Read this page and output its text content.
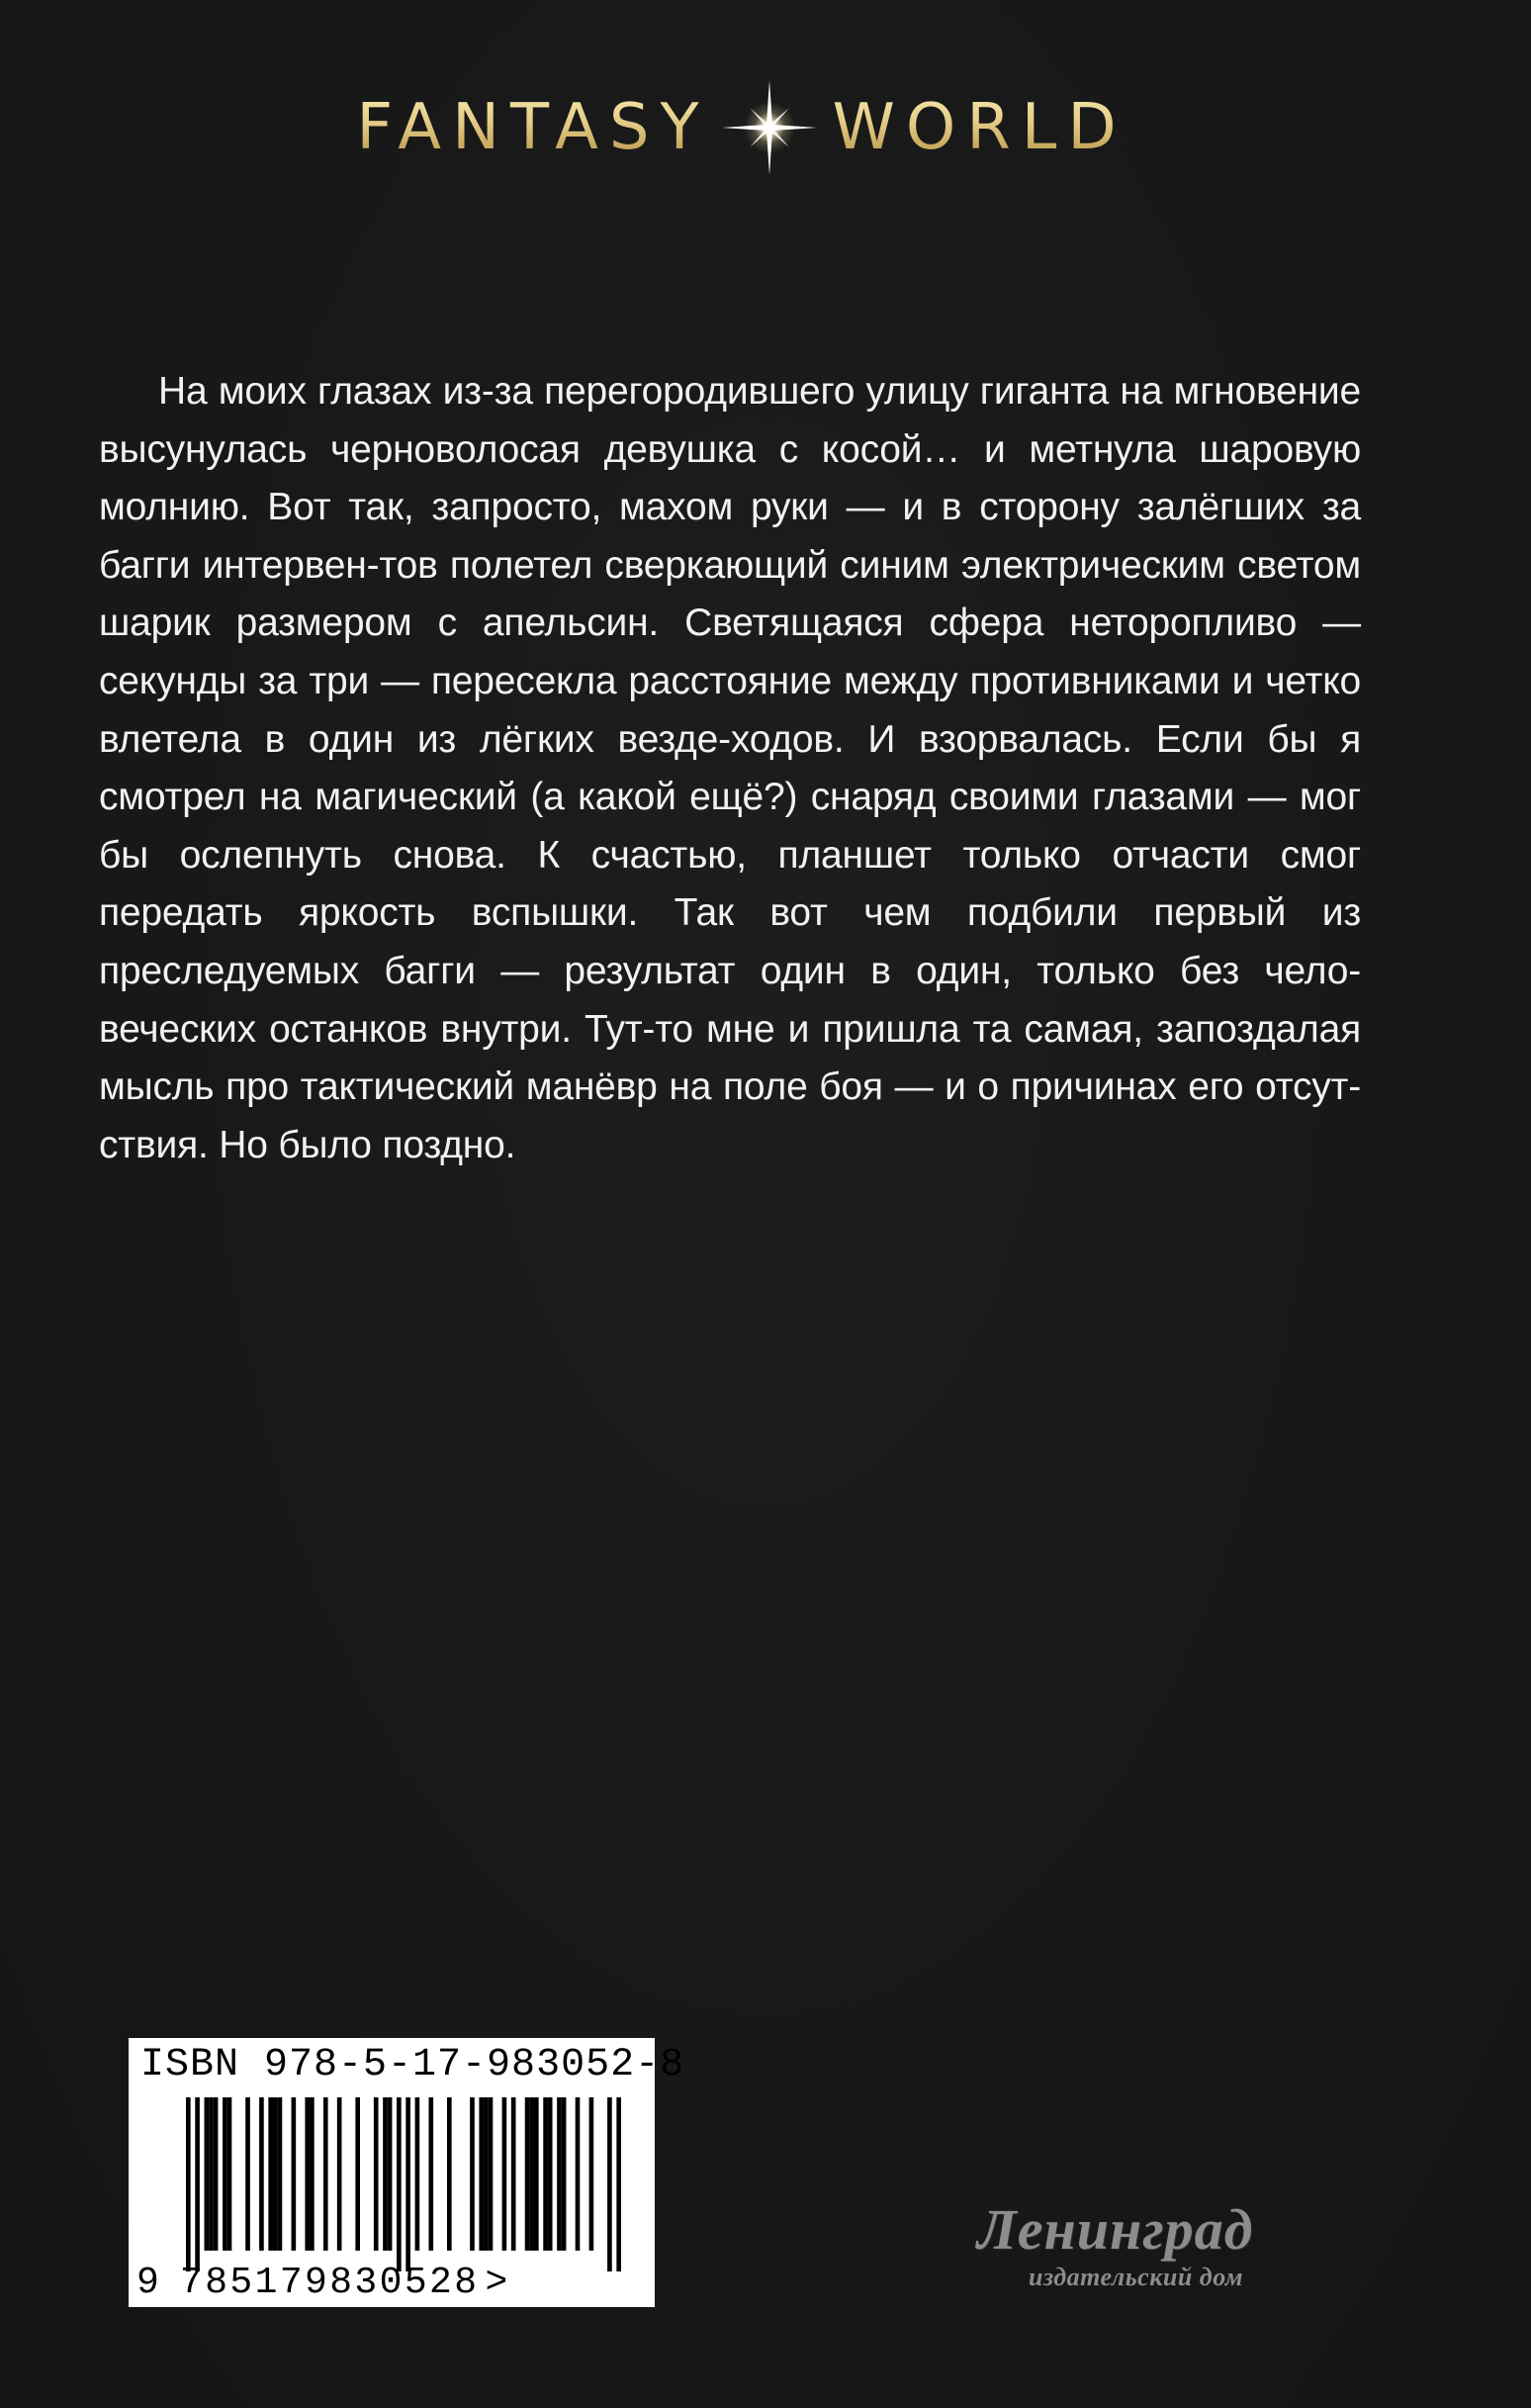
FANTASY WORLD

На моих глазах из-за перегородившего улицу гиганта на мгновение высунулась черноволосая девушка с косой… и метнула шаровую молнию. Вот так, запросто, махом руки — и в сторону залёгших за багги интервен-тов полетел сверкающий синим электрическим светом шарик размером с апельсин. Светящаяся сфера неторопливо — секунды за три — пересекла расстояние между противниками и четко влетела в один из лёгких везде-ходов. И взорвалась. Если бы я смотрел на магический (а какой ещё?) снаряд своими глазами — мог бы ослепнуть снова. К счастью, планшет только отчасти смог передать яркость вспышки. Так вот чем подбили первый из преследуемых багги — результат один в один, только без чело-веческих останков внутри. Тут-то мне и пришла та самая, запоздалая мысль про тактический манёвр на поле боя — и о причинах его отсут-ствия. Но было поздно.

ISBN 978-5-17-983052-8
9 785179830528 >
Ленинград
издательский дом
